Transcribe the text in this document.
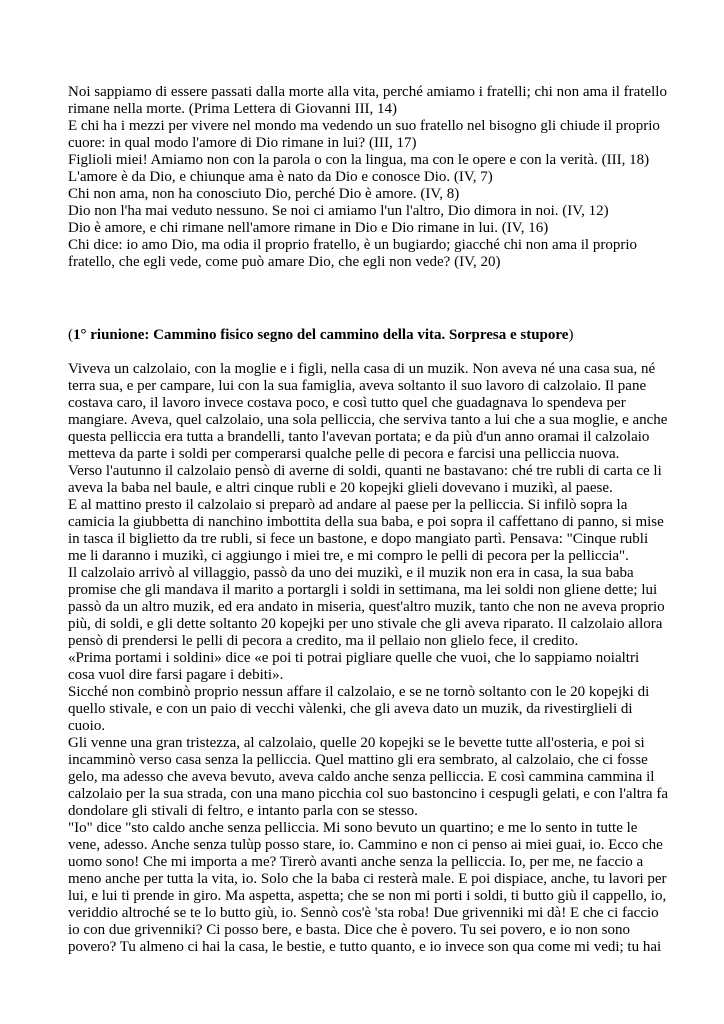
Noi sappiamo di essere passati dalla morte alla vita, perché amiamo i fratelli; chi non ama il fratello rimane nella morte. (Prima Lettera di Giovanni III, 14)

E chi ha i mezzi per vivere nel mondo ma vedendo un suo fratello nel bisogno gli chiude il proprio cuore: in qual modo l'amore di Dio rimane in lui? (III, 17)

Figlioli miei! Amiamo non con la parola o con la lingua, ma con le opere e con la verità. (III, 18)

L'amore è da Dio, e chiunque ama è nato da Dio e conosce Dio. (IV, 7)

Chi non ama, non ha conosciuto Dio, perché Dio è amore. (IV, 8)

Dio non l'ha mai veduto nessuno. Se noi ci amiamo l'un l'altro, Dio dimora in noi. (IV, 12)

Dio è amore, e chi rimane nell'amore rimane in Dio e Dio rimane in lui. (IV, 16)

Chi dice: io amo Dio, ma odia il proprio fratello, è un bugiardo; giacché chi non ama il proprio fratello, che egli vede, come può amare Dio, che egli non vede? (IV, 20)

(1° riunione: Cammino fisico segno del cammino della vita. Sorpresa e stupore)

Viveva un calzolaio, con la moglie e i figli, nella casa di un muzik. Non aveva né una casa sua, né terra sua, e per campare, lui con la sua famiglia, aveva soltanto il suo lavoro di calzolaio. Il pane costava caro, il lavoro invece costava poco, e così tutto quel che guadagnava lo spendeva per mangiare. Aveva, quel calzolaio, una sola pelliccia, che serviva tanto a lui che a sua moglie, e anche questa pelliccia era tutta a brandelli, tanto l'avevan portata; e da più d'un anno oramai il calzolaio metteva da parte i soldi per comperarsi qualche pelle di pecora e farcisi una pelliccia nuova.

Verso l'autunno il calzolaio pensò di averne di soldi, quanti ne bastavano: ché tre rubli di carta ce li aveva la baba nel baule, e altri cinque rubli e 20 kopejki glieli dovevano i muzikì, al paese.

E al mattino presto il calzolaio si preparò ad andare al paese per la pelliccia. Si infilò sopra la camicia la giubbetta di nanchino imbottita della sua baba, e poi sopra il caffettano di panno, si mise in tasca il biglietto da tre rubli, si fece un bastone, e dopo mangiato partì. Pensava: "Cinque rubli me li daranno i muzikì, ci aggiungo i miei tre, e mi compro le pelli di pecora per la pelliccia".

Il calzolaio arrivò al villaggio, passò da uno dei muzikì, e il muzik non era in casa, la sua baba promise che gli mandava il marito a portargli i soldi in settimana, ma lei soldi non gliene dette; lui passò da un altro muzik, ed era andato in miseria, quest'altro muzik, tanto che non ne aveva proprio più, di soldi, e gli dette soltanto 20 kopejki per uno stivale che gli aveva riparato. Il calzolaio allora pensò di prendersi le pelli di pecora a credito, ma il pellaio non glielo fece, il credito.

«Prima portami i soldini» dice «e poi ti potrai pigliare quelle che vuoi, che lo sappiamo noialtri cosa vuol dire farsi pagare i debiti».

Sicché non combinò proprio nessun affare il calzolaio, e se ne tornò soltanto con le 20 kopejki di quello stivale, e con un paio di vecchi vàlenki, che gli aveva dato un muzik, da rivestirglieli di cuoio.

Gli venne una gran tristezza, al calzolaio, quelle 20 kopejki se le bevette tutte all'osteria, e poi si incamminò verso casa senza la pelliccia. Quel mattino gli era sembrato, al calzolaio, che ci fosse gelo, ma adesso che aveva bevuto, aveva caldo anche senza pelliccia. E così cammina cammina il calzolaio per la sua strada, con una mano picchia col suo bastoncino i cespugli gelati, e con l'altra fa dondolare gli stivali di feltro, e intanto parla con se stesso.

"Io" dice "sto caldo anche senza pelliccia. Mi sono bevuto un quartino; e me lo sento in tutte le vene, adesso. Anche senza tulùp posso stare, io. Cammino e non ci penso ai miei guai, io. Ecco che uomo sono! Che mi importa a me? Tirerò avanti anche senza la pelliccia. Io, per me, ne faccio a meno anche per tutta la vita, io. Solo che la baba ci resterà male. E poi dispiace, anche, tu lavori per lui, e lui ti prende in giro. Ma aspetta, aspetta; che se non mi porti i soldi, ti butto giù il cappello, io, veriddio altroché se te lo butto giù, io. Sennò cos'è 'sta roba! Due grivenniki mi dà! E che ci faccio io con due grivenniki? Ci posso bere, e basta. Dice che è povero. Tu sei povero, e io non sono povero? Tu almeno ci hai la casa, le bestie, e tutto quanto, e io invece son qua come mi vedi; tu hai
